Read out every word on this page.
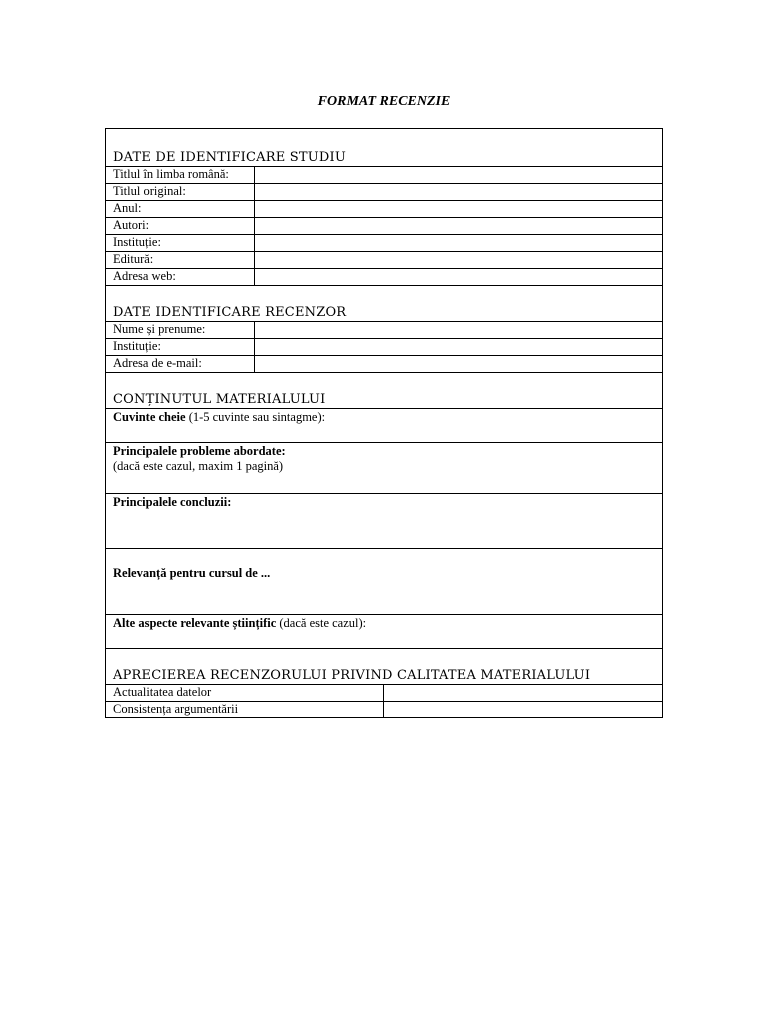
FORMAT RECENZIE
DATE DE IDENTIFICARE STUDIU
Titlul în limba română:
Titlul original:
Anul:
Autori:
Instituție:
Editură:
Adresa web:
DATE IDENTIFICARE RECENZOR
Nume și prenume:
Instituție:
Adresa de e-mail:
CONȚINUTUL MATERIALULUI
Cuvinte cheie (1-5 cuvinte sau sintagme):
Principalele probleme abordate:
(dacă este cazul, maxim 1 pagină)
Principalele concluzii:
Relevanță pentru cursul de ...
Alte aspecte relevante științific (dacă este cazul):
APRECIEREA RECENZORULUI PRIVIND CALITATEA MATERIALULUI
Actualitatea datelor
Consistența argumentării
